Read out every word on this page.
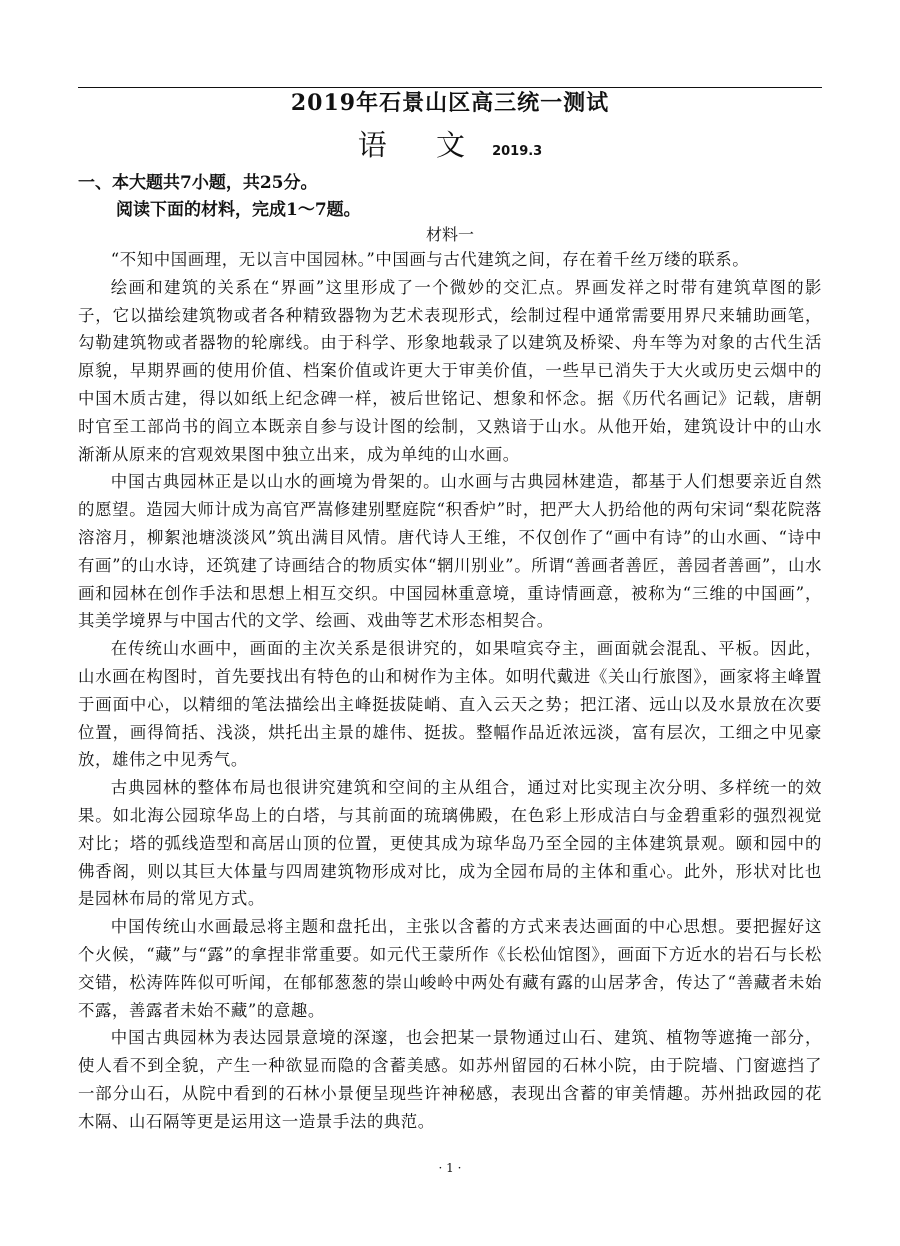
2019年石景山区高三统一测试
语 文 2019.3
一、本大题共7小题，共25分。
阅读下面的材料，完成1～7题。
材料一

“不知中国画理，无以言中国园林。”中国画与古代建筑之间，存在着千丝万缕的联系。

绘画和建筑的关系在“界画”这里形成了一个微妙的交汇点。界画发祥之时带有建筑草图的影子，它以描绘建筑物或者各种精致器物为艺术表现形式，绘制过程中通常需要用界尺来辅助画笔，勾勒建筑物或者器物的轮廓线。由于科学、形象地载录了以建筑及桥梁、舟车等为对象的古代生活原貌，早期界画的使用价值、档案价值或许更大于审美价值，一些早已消失于大火或历史云烟中的中国木质古建，得以如纸上纪念碑一样，被后世铭记、想象和怀念。据《历代名画记》记载，唐朝时官至工部尚书的阎立本既亲自参与设计图的绘制，又熟谙于山水。从他开始，建筑设计中的山水渐渐从原来的宫观效果图中独立出来，成为单纯的山水画。

中国古典园林正是以山水的画境为骨架的。山水画与古典园林建造，都基于人们想要亲近自然的愿望。造园大师计成为高官严嵩修建别墅庭院“积香炉”时，把严大人扔给他的两句宋词“梨花院落溶溶月，柳絮池塘淡淡风”筑出满目风情。唐代诗人王维，不仅创作了“画中有诗”的山水画、“诗中有画”的山水诗，还筑建了诗画结合的物质实体“辋川别业”。所谓“善画者善匠，善园者善画”，山水画和园林在创作手法和思想上相互交织。中国园林重意境，重诗情画意，被称为“三维的中国画”，其美学境界与中国古代的文学、绘画、戏曲等艺术形态相契合。

在传统山水画中，画面的主次关系是很讲究的，如果喧宾夺主，画面就会混乱、平板。因此，山水画在构图时，首先要找出有特色的山和树作为主体。如明代戴进《关山行旅图》，画家将主峰置于画面中心，以精细的笔法描绘出主峰挺拔陡峭、直入云天之势；把江渚、远山以及水景放在次要位置，画得简括、浅淡，烘托出主景的雄伟、挺拔。整幅作品近浓远淡，富有层次，工细之中见豪放，雄伟之中见秀气。

古典园林的整体布局也很讲究建筑和空间的主从组合，通过对比实现主次分明、多样统一的效果。如北海公园琼华岛上的白塔，与其前面的琉璃佛殿，在色彩上形成洁白与金碧重彩的强烈视觉对比；塔的弧线造型和高居山顶的位置，更使其成为琼华岛乃至全园的主体建筑景观。颐和园中的佛香阁，则以其巨大体量与四周建筑物形成对比，成为全园布局的主体和重心。此外，形状对比也是园林布局的常见方式。

中国传统山水画最忌将主题和盘托出，主张以含蓄的方式来表达画面的中心思想。要把握好这个火候，“藏”与“露”的拿捏非常重要。如元代王蒙所作《长松仙馆图》，画面下方近水的岩石与长松交错，松涛阵阵似可听闻，在郁郁葱葱的崇山峻岭中两处有藏有露的山居茅舍，传达了“善藏者未始不露，善露者未始不藏”的意趣。

中国古典园林为表达园景意境的深邃，也会把某一景物通过山石、建筑、植物等遮掩一部分，使人看不到全貌，产生一种欲显而隐的含蓄美感。如苏州留园的石林小院，由于院墙、门窗遮挡了一部分山石，从院中看到的石林小景便呈现些许神秘感，表现出含蓄的审美情趣。苏州拙政园的花木隔、山石隔等更是运用这一造景手法的典范。

· 1 ·
